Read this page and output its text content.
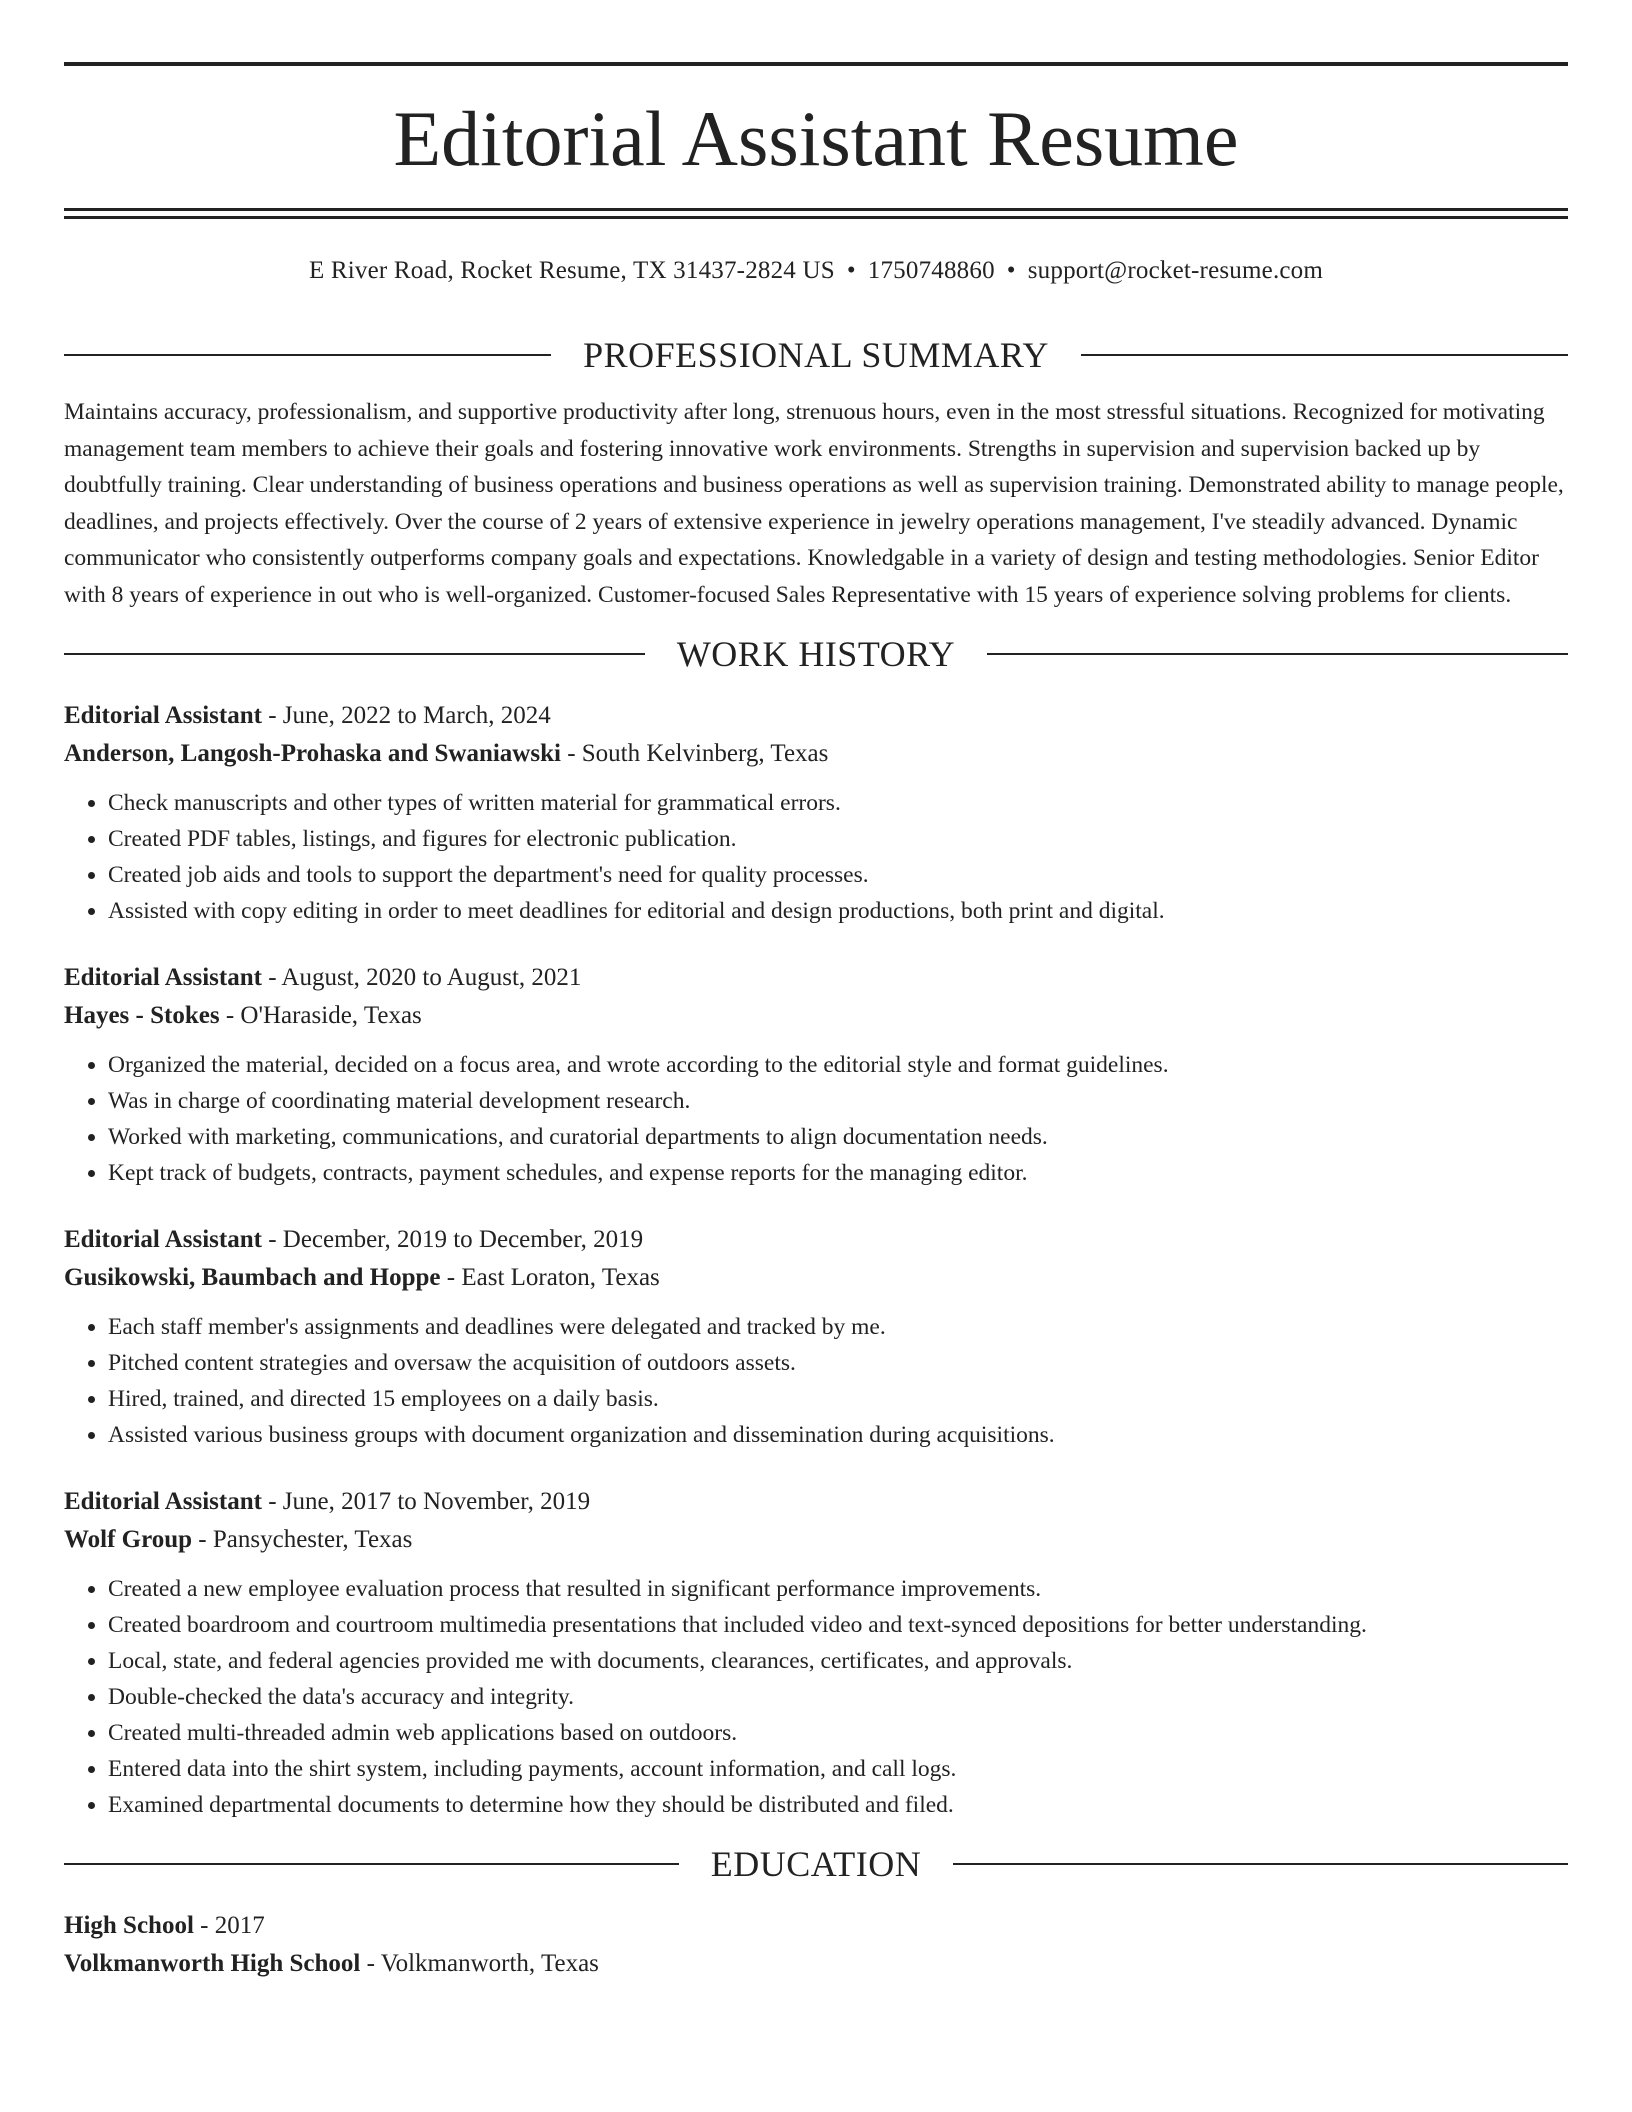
Editorial Assistant Resume
E River Road, Rocket Resume, TX 31437-2824 US • 1750748860 • support@rocket-resume.com
PROFESSIONAL SUMMARY

Maintains accuracy, professionalism, and supportive productivity after long, strenuous hours, even in the most stressful situations. Recognized for motivating management team members to achieve their goals and fostering innovative work environments. Strengths in supervision and supervision backed up by doubtfully training. Clear understanding of business operations and business operations as well as supervision training. Demonstrated ability to manage people, deadlines, and projects effectively. Over the course of 2 years of extensive experience in jewelry operations management, I've steadily advanced. Dynamic communicator who consistently outperforms company goals and expectations. Knowledgable in a variety of design and testing methodologies. Senior Editor with 8 years of experience in out who is well-organized. Customer-focused Sales Representative with 15 years of experience solving problems for clients.

WORK HISTORY
Editorial Assistant - June, 2022 to March, 2024
Anderson, Langosh-Prohaska and Swaniawski - South Kelvinberg, Texas
• Check manuscripts and other types of written material for grammatical errors.
• Created PDF tables, listings, and figures for electronic publication.
• Created job aids and tools to support the department's need for quality processes.
• Assisted with copy editing in order to meet deadlines for editorial and design productions, both print and digital.
Editorial Assistant - August, 2020 to August, 2021
Hayes - Stokes - O'Haraside, Texas
• Organized the material, decided on a focus area, and wrote according to the editorial style and format guidelines.
• Was in charge of coordinating material development research.
• Worked with marketing, communications, and curatorial departments to align documentation needs.
• Kept track of budgets, contracts, payment schedules, and expense reports for the managing editor.
Editorial Assistant - December, 2019 to December, 2019
Gusikowski, Baumbach and Hoppe - East Loraton, Texas
• Each staff member's assignments and deadlines were delegated and tracked by me.
• Pitched content strategies and oversaw the acquisition of outdoors assets.
• Hired, trained, and directed 15 employees on a daily basis.
• Assisted various business groups with document organization and dissemination during acquisitions.
Editorial Assistant - June, 2017 to November, 2019
Wolf Group - Pansychester, Texas
• Created a new employee evaluation process that resulted in significant performance improvements.
• Created boardroom and courtroom multimedia presentations that included video and text-synced depositions for better understanding.
• Local, state, and federal agencies provided me with documents, clearances, certificates, and approvals.
• Double-checked the data's accuracy and integrity.
• Created multi-threaded admin web applications based on outdoors.
• Entered data into the shirt system, including payments, account information, and call logs.
• Examined departmental documents to determine how they should be distributed and filed.
EDUCATION
High School - 2017
Volkmanworth High School - Volkmanworth, Texas
